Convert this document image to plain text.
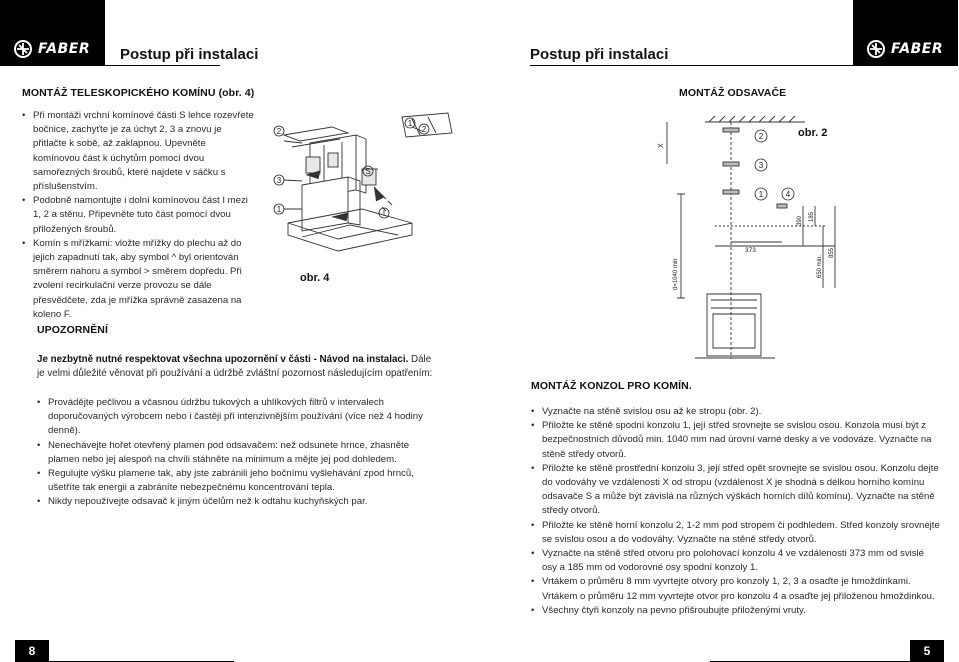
FABER Postup při instalaci	Postup při instalaci	FABER
MONTÁŽ TELESKOPICKÉHO KOMÍNU (obr. 4)
• Při montáži vrchní komínové části S lehce rozevřete bočnice, zachyťte je za úchyt 2, 3 a znovu je přitlačte k sobě, až zaklapnou. Upevněte komínovou část k úchytům pomocí dvou samořezných šroubů, které najdete v sáčku s příslušenstvím.
• Podobně namontujte i dolní komínovou část I mezi 1, 2 a stěnu. Připevněte tuto část pomocí dvou přiložených šroubů.
• Komín s mřížkami: vložte mřížky do plechu až do jejich zapadnutí tak, aby symbol ^ byl orientován směrem nahoru a symbol > směrem dopředu. Při zvolení recirkulační verze provozu se dále přesvědčete, zda je mřížka správně zasazena na koleno F.
2
3
1
S
I
1
2
obr. 4
MONTÁŽ ODSAVAČE
X
d=1040 min
373
390 185
650 min.
855
2
3
1	4
obr. 2
UPOZORNĚNÍ
Je nezbytně nutné respektovat všechna upozornění v části - Návod na instalaci. Dále je velmi důležité věnovat při používání a údržbě zvláštní pozornost následujícím opatřením:
• Provádějte pečlivou a včasnou údržbu tukových a uhlíkových filtrů v intervalech doporučovaných výrobcem nebo i častěji při intenzivnějším používání (více než 4 hodiny denně).
• Nenechávejte hořet otevřený plamen pod odsavačem: než odsunete hrnce, zhasněte plamen nebo jej alespoň na chvíli stáhněte na minimum a mějte jej pod dohledem.
• Regulujte výšku plamene tak, aby jste zabránili jeho bočnímu vyšlehávání zpod hrnců, ušetříte tak energii a zabráníte nebezpečnému koncentrování tepla.
• Nikdy nepoužívejte odsavač k jiným účelům než k odtahu kuchyňských par.
MONTÁŽ KONZOL PRO KOMÍN.
• Vyznačte na stěně svislou osu až ke stropu (obr. 2).
• Přiložte ke stěně spodní konzolu 1, její střed srovnejte se svislou osou. Konzola musí být z bezpečnostních důvodů min. 1040 mm nad úrovní varné desky a ve vodováze. Vyznačte na stěně středy otvorů.
• Přiložte ke stěně prostřední konzolu 3, její střed opět srovnejte se svislou osou. Konzolu dejte do vodováhy ve vzdálenosti X od stropu (vzdálenost X je shodná s délkou horního komínu odsavače S a může být závislá na různých výškách horních dílů komínu). Vyznačte na stěně středy otvorů.
• Přiložte ke stěně horní konzolu 2, 1-2 mm pod stropem či podhledem. Střed konzoly srovnejte se svislou osou a do vodováhy. Vyznačte na stěně středy otvorů.
• Vyznačte na stěně střed otvoru pro polohovací konzolu 4 ve vzdálenosti 373 mm od svislé osy a 185 mm od vodorovné osy spodní konzoly 1.
• Vrtákem o průměru 8 mm vyvrtejte otvory pro konzoly 1, 2, 3 a osaďte je hmoždinkami. Vrtákem o průměru 12 mm vyvrtejte otvor pro konzolu 4 a osaďte jej přiloženou hmoždinkou.
• Všechny čtyři konzoly na pevno přišroubujte přiloženými vruty.
8	5
